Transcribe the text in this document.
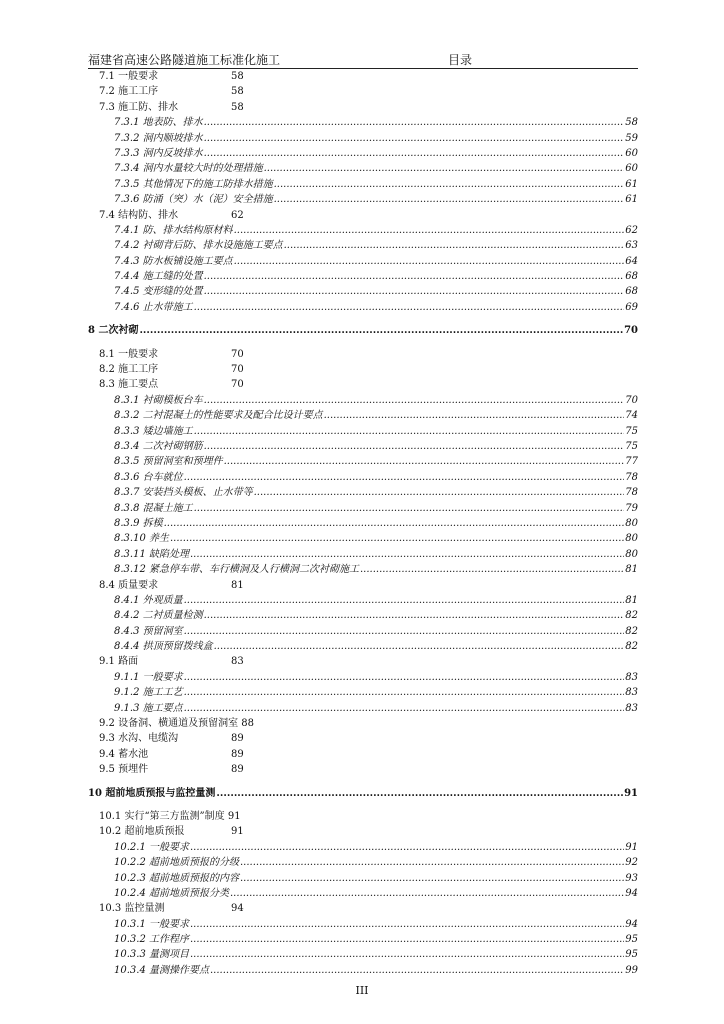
福建省高速公路隧道施工标准化施工	目录
7.1 一般要求	58
7.2 施工工序	58
7.3 施工防、排水	58
7.3.1 地表防、排水 .....	58
7.3.2 洞内顺坡排水 .....	59
7.3.3 洞内反坡排水 .....	60
7.3.4 洞内水量较大时的处理措施 .....	60
7.3.5 其他情况下的施工防排水措施 .....	61
7.3.6 防涌（突）水（泥）安全措施 .....	61
7.4 结构防、排水	62
7.4.1 防、排水结构原材料 .....	62
7.4.2 衬砌背后防、排水设施施工要点 .....	63
7.4.3 防水板铺设施工要点 .....	64
7.4.4 施工缝的处置 .....	68
7.4.5 变形缝的处置 .....	68
7.4.6 止水带施工 .....	69
8 二次衬砌 .....	70
8.1 一般要求	70
8.2 施工工序	70
8.3 施工要点	70
8.3.1 衬砌模板台车 .....	70
8.3.2 二衬混凝土的性能要求及配合比设计要点 .....	74
8.3.3 矮边墙施工 .....	75
8.3.4 二次衬砌钢筋 .....	75
8.3.5 预留洞室和预埋件 .....	77
8.3.6 台车就位 .....	78
8.3.7 安装挡头模板、止水带等 .....	78
8.3.8 混凝土施工 .....	79
8.3.9 拆模 .....	80
8.3.10 养生 .....	80
8.3.11 缺陷处理 .....	80
8.3.12 紧急停车带、车行横洞及人行横洞二次衬砌施工 .....	81
8.4 质量要求	81
8.4.1 外观质量 .....	81
8.4.2 二衬质量检测 .....	82
8.4.3 预留洞室 .....	82
8.4.4 拱顶预留拨线盒 .....	82
9.1 路面	83
9.1.1 一般要求 .....	83
9.1.2 施工工艺 .....	83
9.1.3 施工要点 .....	83
9.2 设备洞、横通道及预留洞室 88
9.3 水沟、电缆沟	89
9.4 蓄水池	89
9.5 预埋件	89
10 超前地质预报与监控量测 .....	91
10.1 实行“第三方监测”制度 91
10.2 超前地质预报	91
10.2.1 一般要求 .....	91
10.2.2 超前地质预报的分级 .....	92
10.2.3 超前地质预报的内容 .....	93
10.2.4 超前地质预报分类 .....	94
10.3 监控量测	94
10.3.1 一般要求 .....	94
10.3.2 工作程序 .....	95
10.3.3 量测项目 .....	95
10.3.4 量测操作要点 .....	99
III
